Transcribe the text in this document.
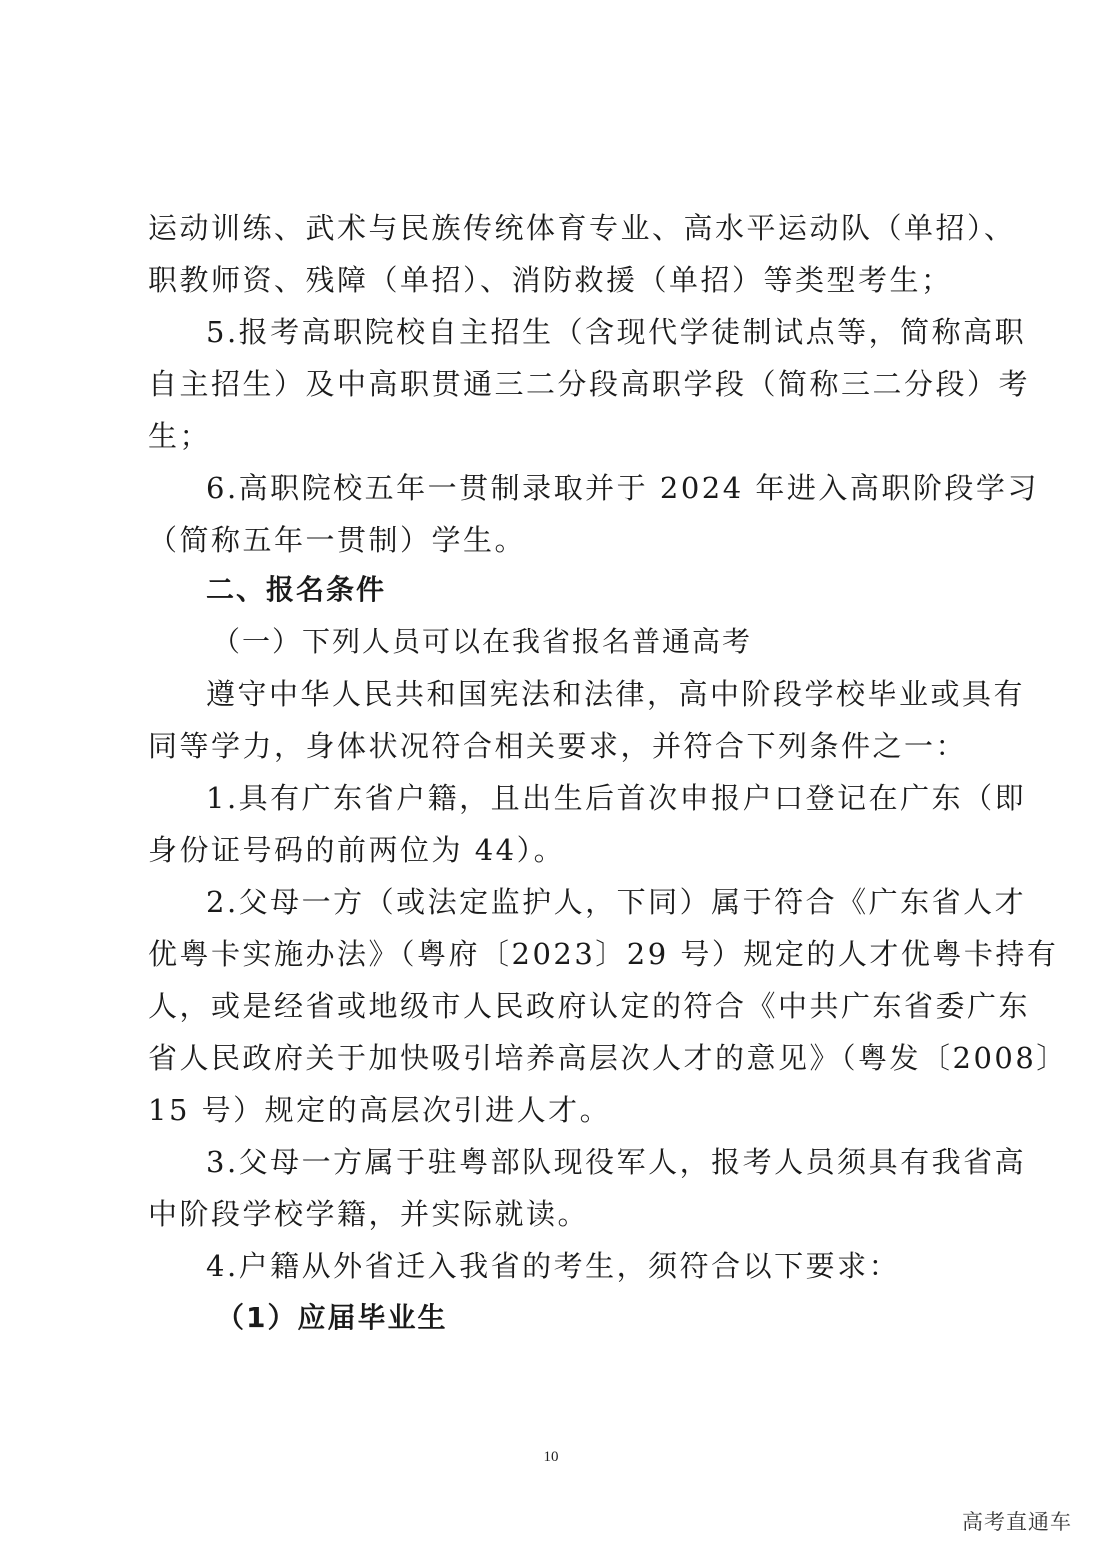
运动训练、武术与民族传统体育专业、高水平运动队（单招）、
职教师资、残障（单招）、消防救援（单招）等类型考生；
5.报考高职院校自主招生（含现代学徒制试点等，简称高职
自主招生）及中高职贯通三二分段高职学段（简称三二分段）考
生；
6.高职院校五年一贯制录取并于 2024 年进入高职阶段学习
（简称五年一贯制）学生。
二、报名条件
（一）下列人员可以在我省报名普通高考
遵守中华人民共和国宪法和法律，高中阶段学校毕业或具有
同等学力，身体状况符合相关要求，并符合下列条件之一：
1.具有广东省户籍，且出生后首次申报户口登记在广东（即
身份证号码的前两位为 44）。
2.父母一方（或法定监护人，下同）属于符合《广东省人才
优粤卡实施办法》（粤府〔2023〕29 号）规定的人才优粤卡持有
人，或是经省或地级市人民政府认定的符合《中共广东省委广东
省人民政府关于加快吸引培养高层次人才的意见》（粤发〔2008〕
15 号）规定的高层次引进人才。
3.父母一方属于驻粤部队现役军人，报考人员须具有我省高
中阶段学校学籍，并实际就读。
4.户籍从外省迁入我省的考生，须符合以下要求：
（1）应届毕业生
10
高考直通车
